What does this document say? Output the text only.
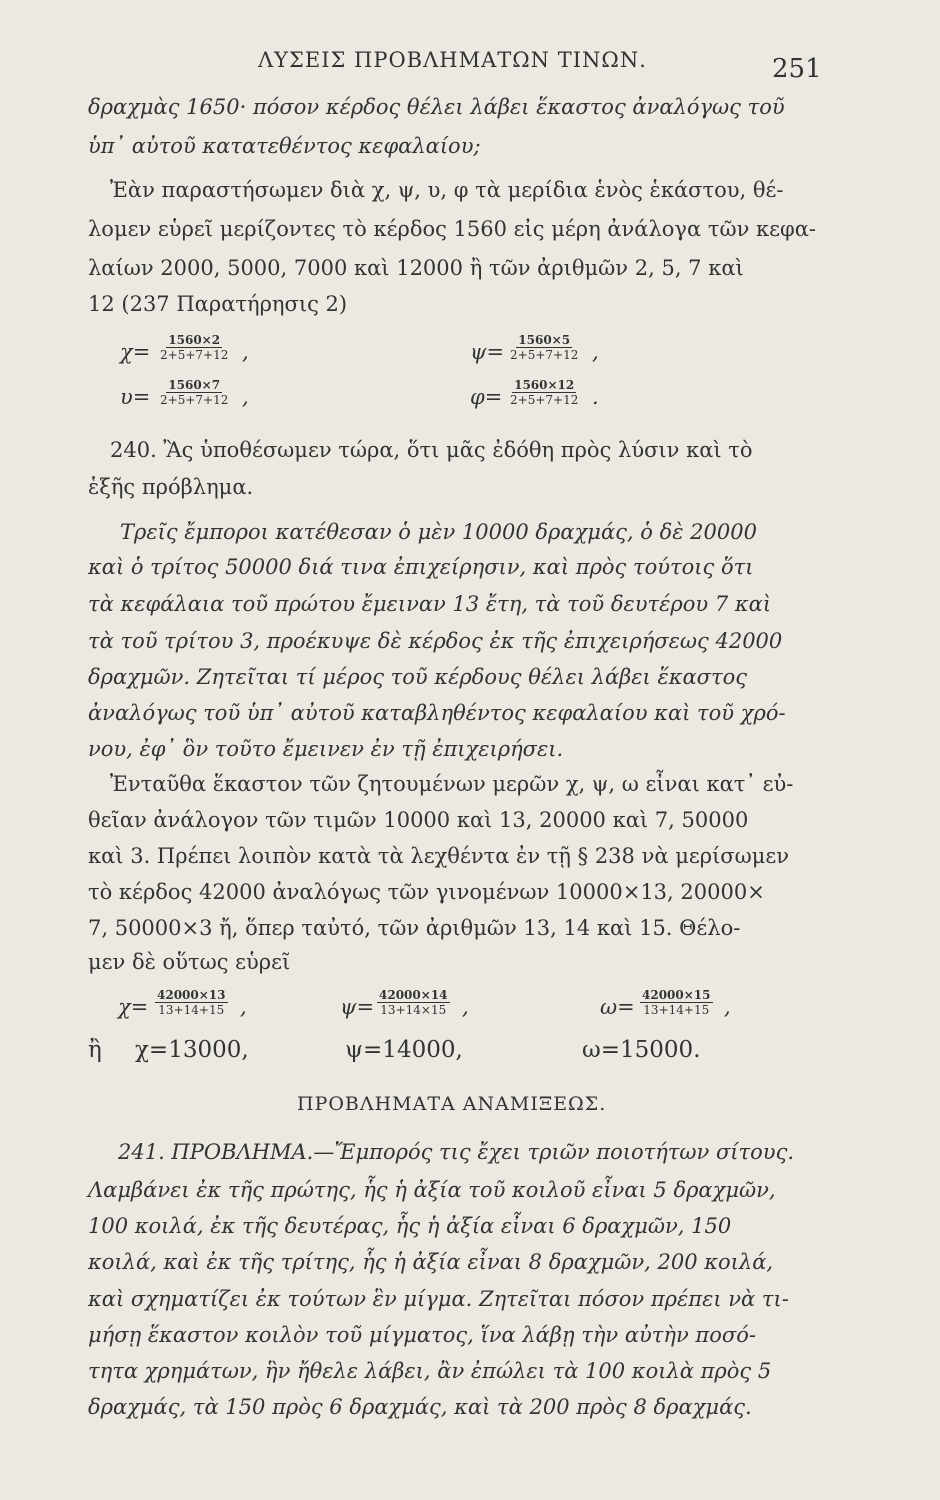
ΛΥΣΕΙΣ ΠΡΟΒΛΗΜΑΤΩΝ ΤΙΝΩΝ.	251
δραχμὰς 1650· πόσον κέρδος θέλει λάβει ἕκαστος ἀναλόγως τοῦ
ὑπ᾽ αὐτοῦ κατατεθέντος κεφαλαίου;
Ἐὰν παραστήσωμεν διὰ χ, ψ, υ, φ τὰ μερίδια ἑνὸς ἑκάστου, θέ-
λομεν εὑρεῖ μερίζοντες τὸ κέρδος 1560 εἰς μέρη ἀνάλογα τῶν κεφα-
λαίων 2000, 5000, 7000 καὶ 12000 ἢ τῶν ἀριθμῶν 2, 5, 7 καὶ
12 (237 Παρατήρησις 2)
$\chi= \frac{1560\times 2}{2+5+7+12}$ ,	$\psi= \frac{1560\times 5}{2+5+7+12}$ ,
$\upsilon= \frac{1560\times 7}{2+5+7+12}$ ,	$\varphi= \frac{1560\times 12}{2+5+7+12}$ .
240. Ἂς ὑποθέσωμεν τώρα, ὅτι μᾶς ἐδόθη πρὸς λύσιν καὶ τὸ
ἑξῆς πρόβλημα.
Τρεῖς ἔμποροι κατέθεσαν ὁ μὲν 10000 δραχμάς, ὁ δὲ 20000
καὶ ὁ τρίτος 50000 διά τινα ἐπιχείρησιν, καὶ πρὸς τούτοις ὅτι
τὰ κεφάλαια τοῦ πρώτου ἔμειναν 13 ἔτη, τὰ τοῦ δευτέρου 7 καὶ
τὰ τοῦ τρίτου 3, προέκυψε δὲ κέρδος ἐκ τῆς ἐπιχειρήσεως 42000
δραχμῶν. Ζητεῖται τί μέρος τοῦ κέρδους θέλει λάβει ἕκαστος
ἀναλόγως τοῦ ὑπ᾽ αὐτοῦ καταβληθέντος κεφαλαίου καὶ τοῦ χρό-
νου, ἐφ᾽ ὃν τοῦτο ἔμεινεν ἐν τῇ ἐπιχειρήσει.
Ἐνταῦθα ἕκαστον τῶν ζητουμένων μερῶν χ, ψ, ω εἶναι κατ᾽ εὐ-
θεῖαν ἀνάλογον τῶν τιμῶν 10000 καὶ 13, 20000 καὶ 7, 50000
καὶ 3. Πρέπει λοιπὸν κατὰ τὰ λεχθέντα ἐν τῇ § 238 νὰ μερίσωμεν
τὸ κέρδος 42000 ἀναλόγως τῶν γινομένων 10000×13, 20000×
7, 50000×3 ἤ, ὅπερ ταὐτό, τῶν ἀριθμῶν 13, 14 καὶ 15. Θέλο-
μεν δὲ οὕτως εὑρεῖ
$\chi= \frac{42000\times 13}{13+14+15}$ ,	$\psi= \frac{42000\times 14}{13+14\times 15}$ ,	$\omega= \frac{42000\times 15}{13+14+15}$ ,
ἢ χ=13000,	ψ=14000,	ω=15000.
ΠΡΟΒΛΗΜΑΤΑ ΑΝΑΜΙΞΕΩΣ.
241. ΠΡΟΒΛΗΜΑ.—Ἔμπορός τις ἔχει τριῶν ποιοτήτων σίτους.
Λαμβάνει ἐκ τῆς πρώτης, ἧς ἡ ἀξία τοῦ κοιλοῦ εἶναι 5 δραχμῶν,
100 κοιλά, ἐκ τῆς δευτέρας, ἧς ἡ ἀξία εἶναι 6 δραχμῶν, 150
κοιλά, καὶ ἐκ τῆς τρίτης, ἧς ἡ ἀξία εἶναι 8 δραχμῶν, 200 κοιλά,
καὶ σχηματίζει ἐκ τούτων ἓν μίγμα. Ζητεῖται πόσον πρέπει νὰ τι-
μήσῃ ἕκαστον κοιλὸν τοῦ μίγματος, ἵνα λάβῃ τὴν αὐτὴν ποσό-
τητα χρημάτων, ἣν ἤθελε λάβει, ἂν ἐπώλει τὰ 100 κοιλὰ πρὸς 5
δραχμάς, τὰ 150 πρὸς 6 δραχμάς, καὶ τὰ 200 πρὸς 8 δραχμάς.
